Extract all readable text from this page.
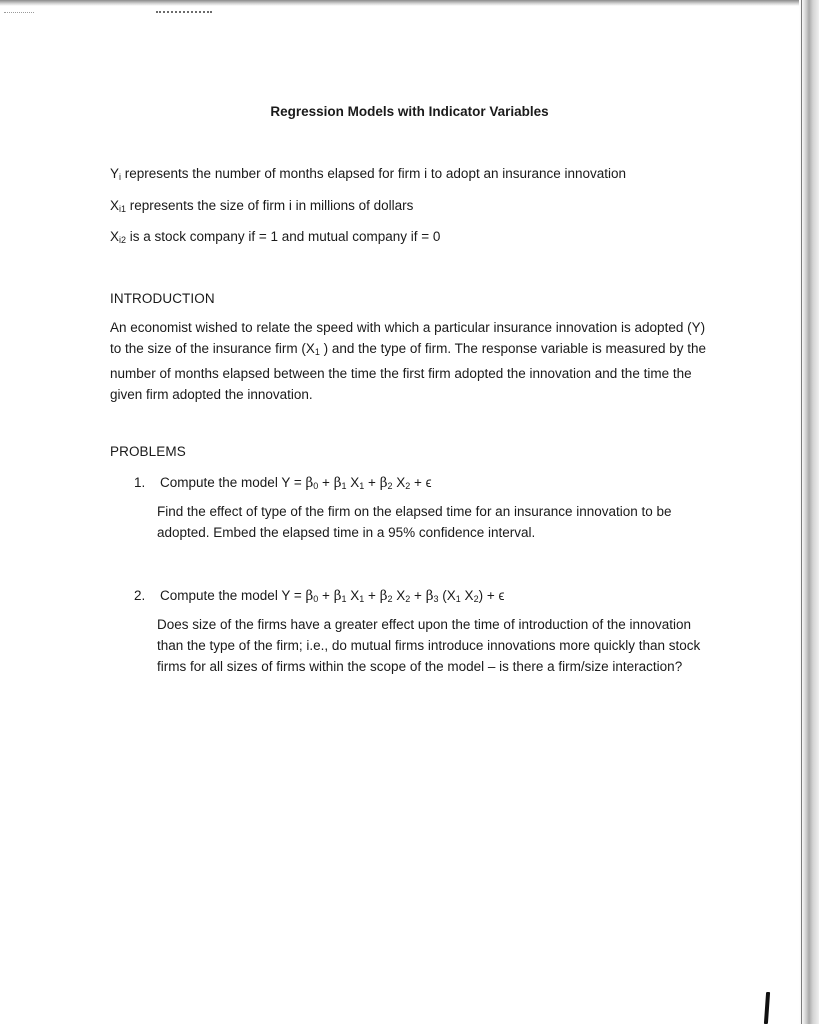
Regression Models with Indicator Variables
$Y_i$ represents the number of months elapsed for firm i to adopt an insurance innovation
$X_{i1}$ represents the size of firm i in millions of dollars
$X_{i2}$ is a stock company if = 1 and mutual company if = 0
INTRODUCTION
An economist wished to relate the speed with which a particular insurance innovation is adopted (Y) to the size of the insurance firm ($X_1$ ) and the type of firm. The response variable is measured by the number of months elapsed between the time the first firm adopted the innovation and the time the given firm adopted the innovation.
PROBLEMS
1. Compute the model $Y = \beta_0 + \beta_1$ $X_1 + \beta_2$ $X_2 + \epsilon$
Find the effect of type of the firm on the elapsed time for an insurance innovation to be adopted. Embed the elapsed time in a 95% confidence interval.
2. Compute the model $Y = \beta_0 + \beta_1$ $X_1 + \beta_2$ $X_2 + \beta_3$ ($X_1$ $X_2) + \epsilon$
Does size of the firms have a greater effect upon the time of introduction of the innovation than the type of the firm; i.e., do mutual firms introduce innovations more quickly than stock firms for all sizes of firms within the scope of the model – is there a firm/size interaction?
